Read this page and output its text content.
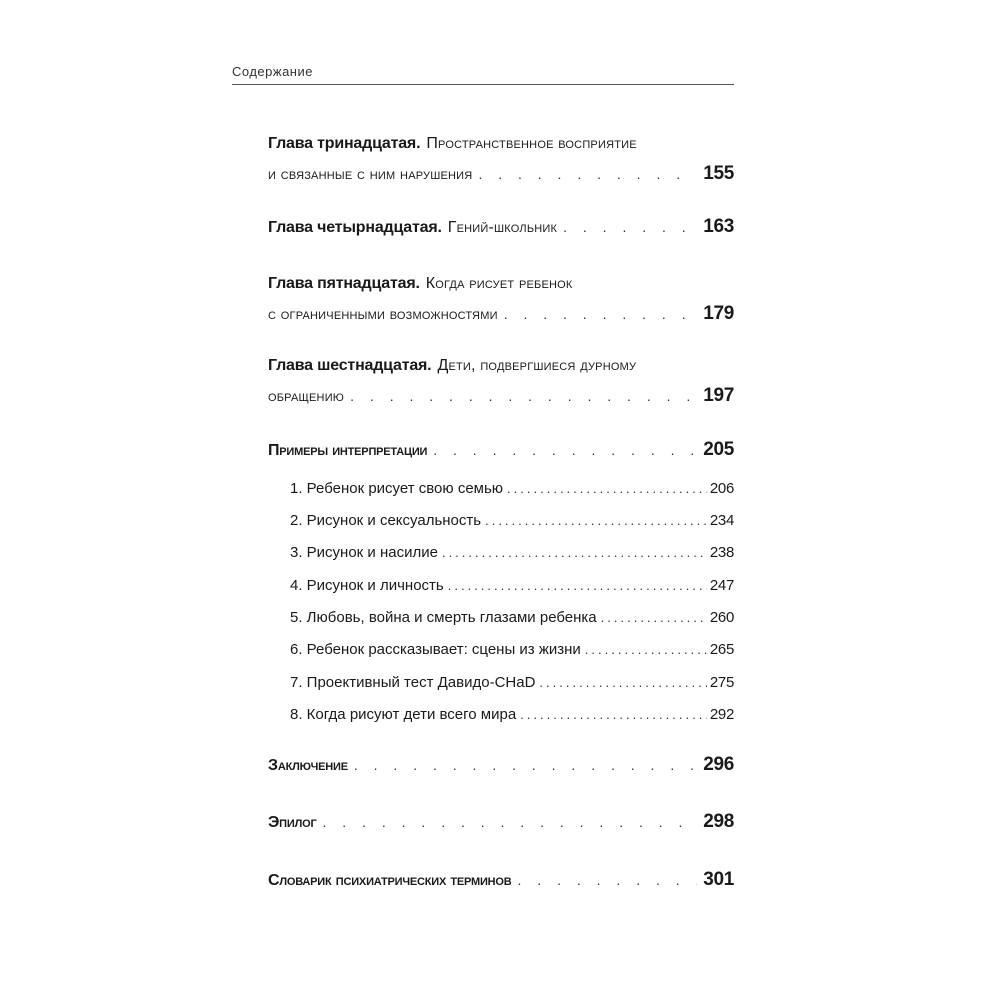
Содержание
Глава тринадцатая. Пространственное восприятие
и связанные с ним нарушения . . .	155
Глава четырнадцатая. Гений-школьник . . .	163
Глава пятнадцатая. Когда рисует ребенок
с ограниченными возможностями . . .	179
Глава шестнадцатая. Дети, подвергшиеся дурному
обращению . . .	197
Примеры интерпретации . . .	205
1. Ребенок рисует свою семью .....	206
2. Рисунок и сексуальность .....	234
3. Рисунок и насилие .....	238
4. Рисунок и личность .....	247
5. Любовь, война и смерть глазами ребенка .....	260
6. Ребенок рассказывает: сцены из жизни .....	265
7. Проективный тест Давидо-CHaD .....	275
8. Когда рисуют дети всего мира .....	292
Заключение . . .	296
Эпилог . . .	298
Словарик психиатрических терминов . . .	301
